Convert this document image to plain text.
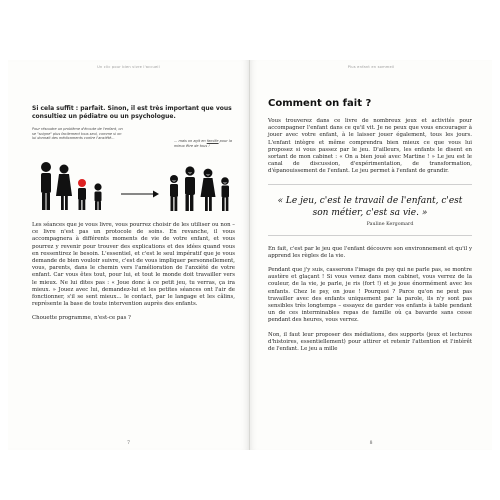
Un clic pour bien vivre l'accueil

Si cela suffit : parfait. Sinon, il est très important que vous consultiez un pédiatre ou un psychologue.

Pour résoudre un problème d'écoute de l'enfant, on se "soigne" plus facilement tous seul, comme si on lui donnait des médicaments contre l'anxiété...

... mais on agit en famille pour la mieux être de tous !

Les séances que je vous livre, vous pourrez choisir de les utiliser ou non – ce livre n'est pas un protocole de soins. En revanche, il vous accompagnera à différents moments de vie de votre enfant, et vous pourrez y revenir pour trouver des explications et des idées quand vous en ressentirez le besoin. L'essentiel, et c'est le seul impératif que je vous demande de bien vouloir suivre, c'est de vous impliquer personnellement, vous, parents, dans le chemin vers l'amélioration de l'anxiété de votre enfant. Car vous êtes tout, pour lui, et tout le monde doit travailler vers le mieux. Ne lui dites pas : « Joue donc à ce petit jeu, tu verras, ça ira mieux. » Jouez avec lui, demandez-lui et les petites séances ont l'air de fonctionner, s'il se sent mieux... le contact, par le langage et les câlins, représente la base de toute intervention auprès des enfants.

Chouette programme, n'est-ce pas ?

7
Plus enfant en sommeil
Comment on fait ?

Vous trouverez dans ce livre de nombreux jeux et activités pour accompagner l'enfant dans ce qu'il vit. Je ne peux que vous encourager à jouer avec votre enfant, à le laisser jouer également, tous les jours. L'enfant intègre et même comprendra bien mieux ce que vous lui proposez si vous passez par le jeu. D'ailleurs, les enfants le disent en sortant de mon cabinet : « On a bien joué avec Martine ! » Le jeu est le canal de discussion, d'expérimentation, de transformation, d'épanouissement de l'enfant. Le jeu permet à l'enfant de grandir.

« Le jeu, c'est le travail de l'enfant, c'est son métier, c'est sa vie. »

Pauline Kergomard

En fait, c'est par le jeu que l'enfant découvre son environnement et qu'il y apprend les règles de la vie.

Pendant que j'y suis, casserons l'image du psy qui ne parle pas, se montre austère et glaçant ! Si vous venez dans mon cabinet, vous verrez de la couleur, de la vie, je parle, je ris (fort !) et je joue énormément avec les enfants. Chez le psy, on joue ! Pourquoi ? Parce qu'on ne peut pas travailler avec des enfants uniquement par la parole, ils n'y sont pas sensibles très longtemps – essayez de garder vos enfants à table pendant un de ces interminables repas de famille où ça bavarde sans cesse pendant des heures, vous verrez.

Non, il faut leur proposer des médiations, des supports (jeux et lectures d'histoires, essentiellement) pour attirer et retenir l'attention et l'intérêt de l'enfant. Le jeu a mille

8
